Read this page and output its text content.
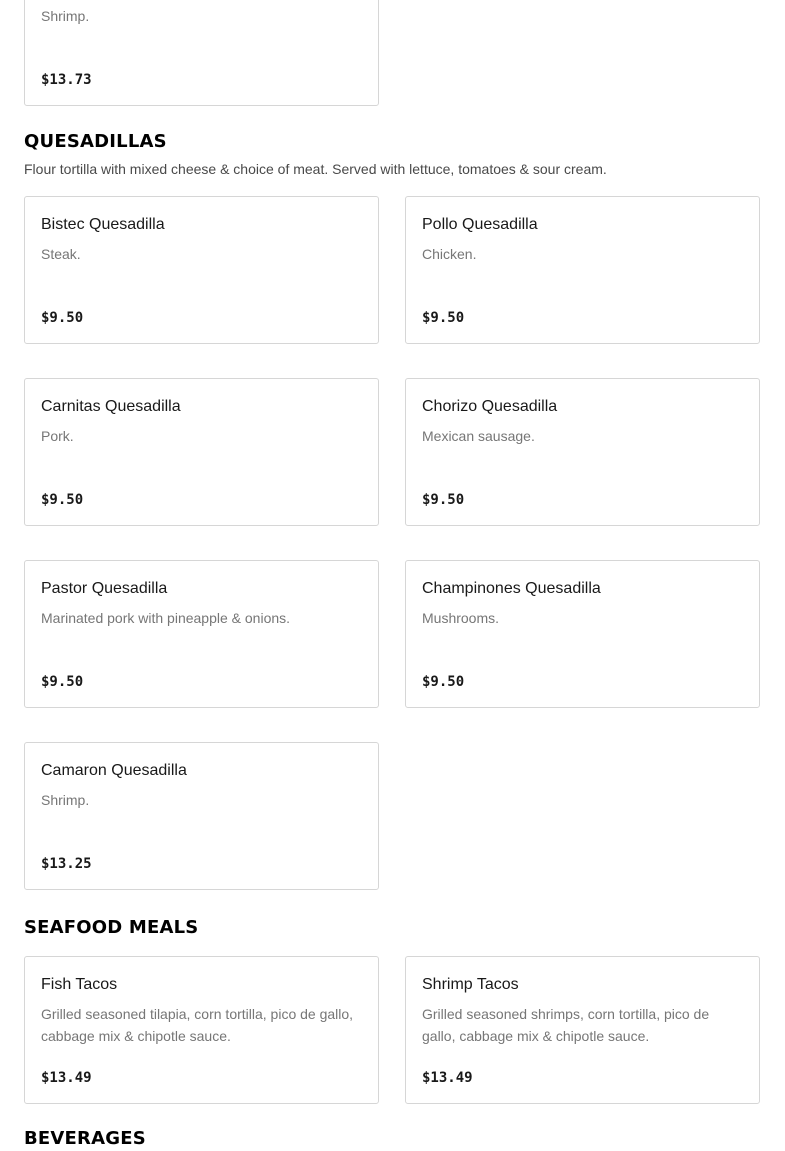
Shrimp.
$13.73
QUESADILLAS
Flour tortilla with mixed cheese & choice of meat. Served with lettuce, tomatoes & sour cream.
Bistec Quesadilla
Steak.
$9.50
Pollo Quesadilla
Chicken.
$9.50
Carnitas Quesadilla
Pork.
$9.50
Chorizo Quesadilla
Mexican sausage.
$9.50
Pastor Quesadilla
Marinated pork with pineapple & onions.
$9.50
Champinones Quesadilla
Mushrooms.
$9.50
Camaron Quesadilla
Shrimp.
$13.25
SEAFOOD MEALS
Fish Tacos
Grilled seasoned tilapia, corn tortilla, pico de gallo, cabbage mix & chipotle sauce.
$13.49
Shrimp Tacos
Grilled seasoned shrimps, corn tortilla, pico de gallo, cabbage mix & chipotle sauce.
$13.49
BEVERAGES
